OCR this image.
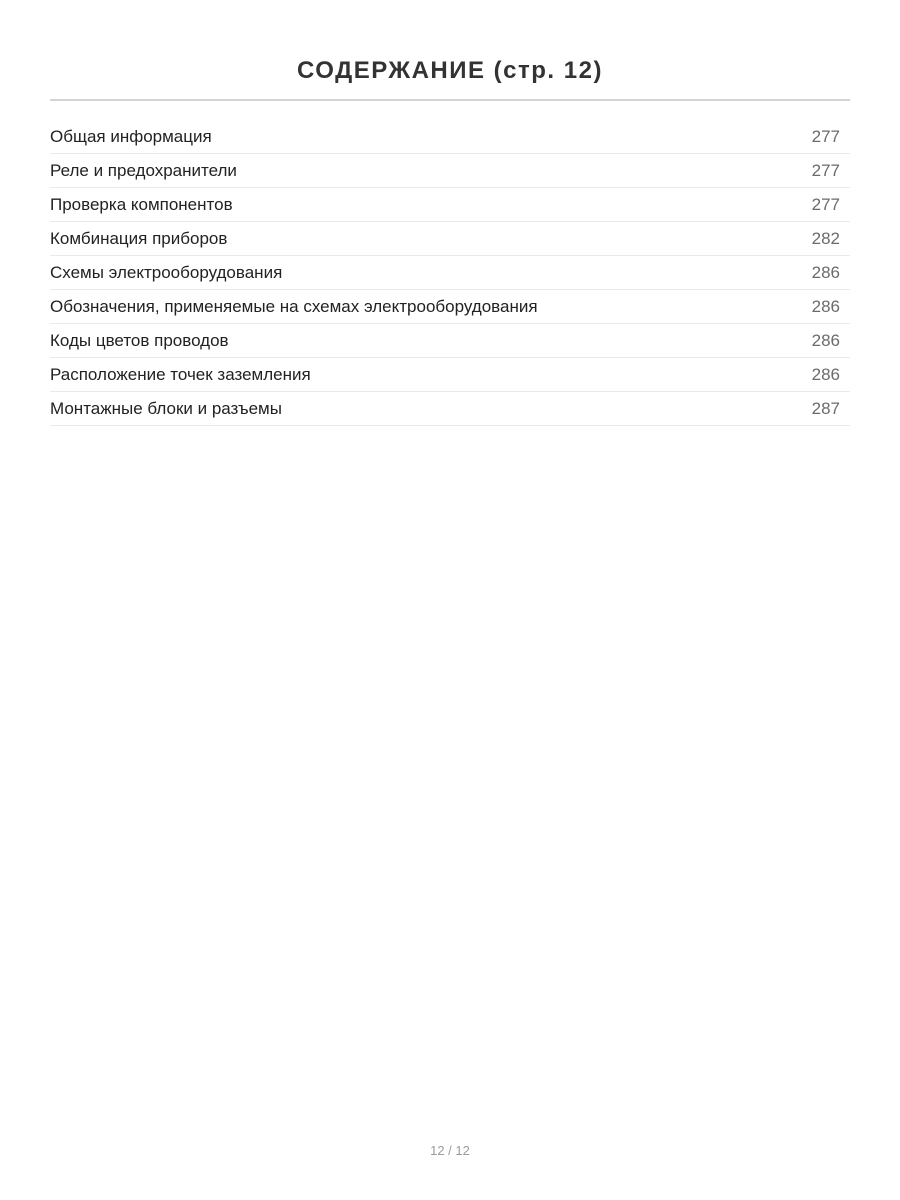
СОДЕРЖАНИЕ (стр. 12)
Общая информация	277
Реле и предохранители	277
Проверка компонентов	277
Комбинация приборов	282
Схемы электрооборудования	286
Обозначения, применяемые на схемах электрооборудования	286
Коды цветов проводов	286
Расположение точек заземления	286
Монтажные блоки и разъемы	287
12 / 12
